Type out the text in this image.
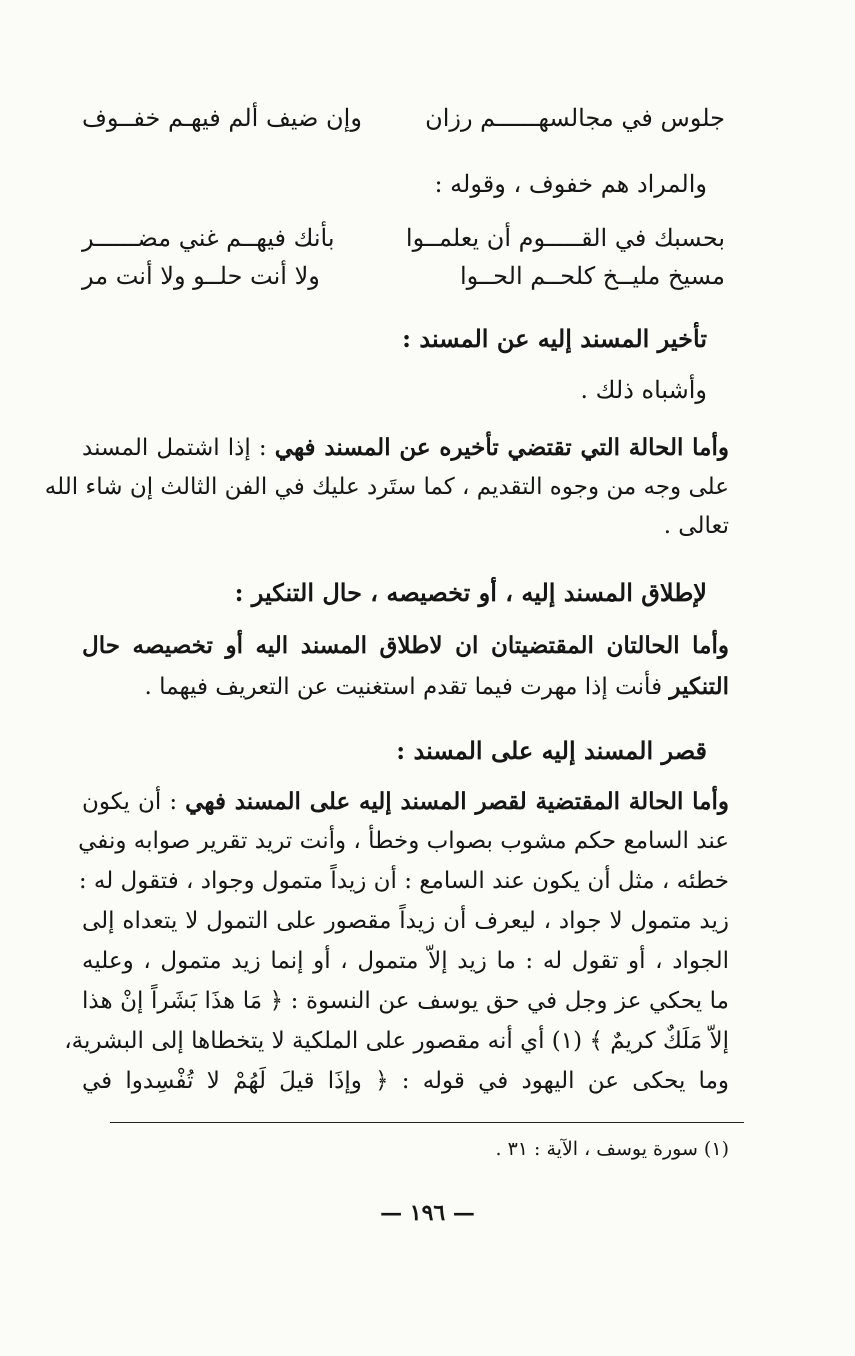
جلوس في مجالسهــــــم رزان
وإن ضيف ألم فيهـم خفــوف
والمراد هم خفوف ، وقوله :
بحسبك في القـــــوم أن يعلمــوا
بأنك فيهــم غني مضــــــر
مسيخ مليــخ كلحــم الحــوا
ولا أنت حلــو ولا أنت مر
تأخير المسند إليه عن المسند :
وأشباه ذلك .
وأما الحالة التي تقتضي تأخيره عن المسند فهي : إذا اشتمل المسند
على وجه من وجوه التقديم ، كما ستَرد عليك في الفن الثالث إن شاء الله
تعالى .
لإطلاق المسند إليه ، أو تخصيصه ، حال التنكير :
وأما الحالتان المقتضيتان ان لاطلاق المسند اليه أو تخصيصه حال
التنكير فأنت إذا مهرت فيما تقدم استغنيت عن التعريف فيهما .
قصر المسند إليه على المسند :
وأما الحالة المقتضية لقصر المسند إليه على المسند فهي : أن يكون
عند السامع حكم مشوب بصواب وخطأ ، وأنت تريد تقرير صوابه ونفي
خطئه ، مثل أن يكون عند السامع : أن زيداً متمول وجواد ، فتقول له :
زيد متمول لا جواد ، ليعرف أن زيداً مقصور على التمول لا يتعداه إلى
الجواد ، أو تقول له : ما زيد إلاّ متمول ، أو إنما زيد متمول ، وعليه
ما يحكي عز وجل في حق يوسف عن النسوة : ﴿ مَا هذَا بَشَراً إنْ هذا
إلاّ مَلَكٌ كريمٌ ﴾ (١) أي أنه مقصور على الملكية لا يتخطاها إلى البشرية،
وما يحكى عن اليهود في قوله : ﴿ وإذَا قيلَ لَهُمْ لا تُفْسِدوا في
(١) سورة يوسف ، الآية : ٣١ .
— ١٩٦ —
